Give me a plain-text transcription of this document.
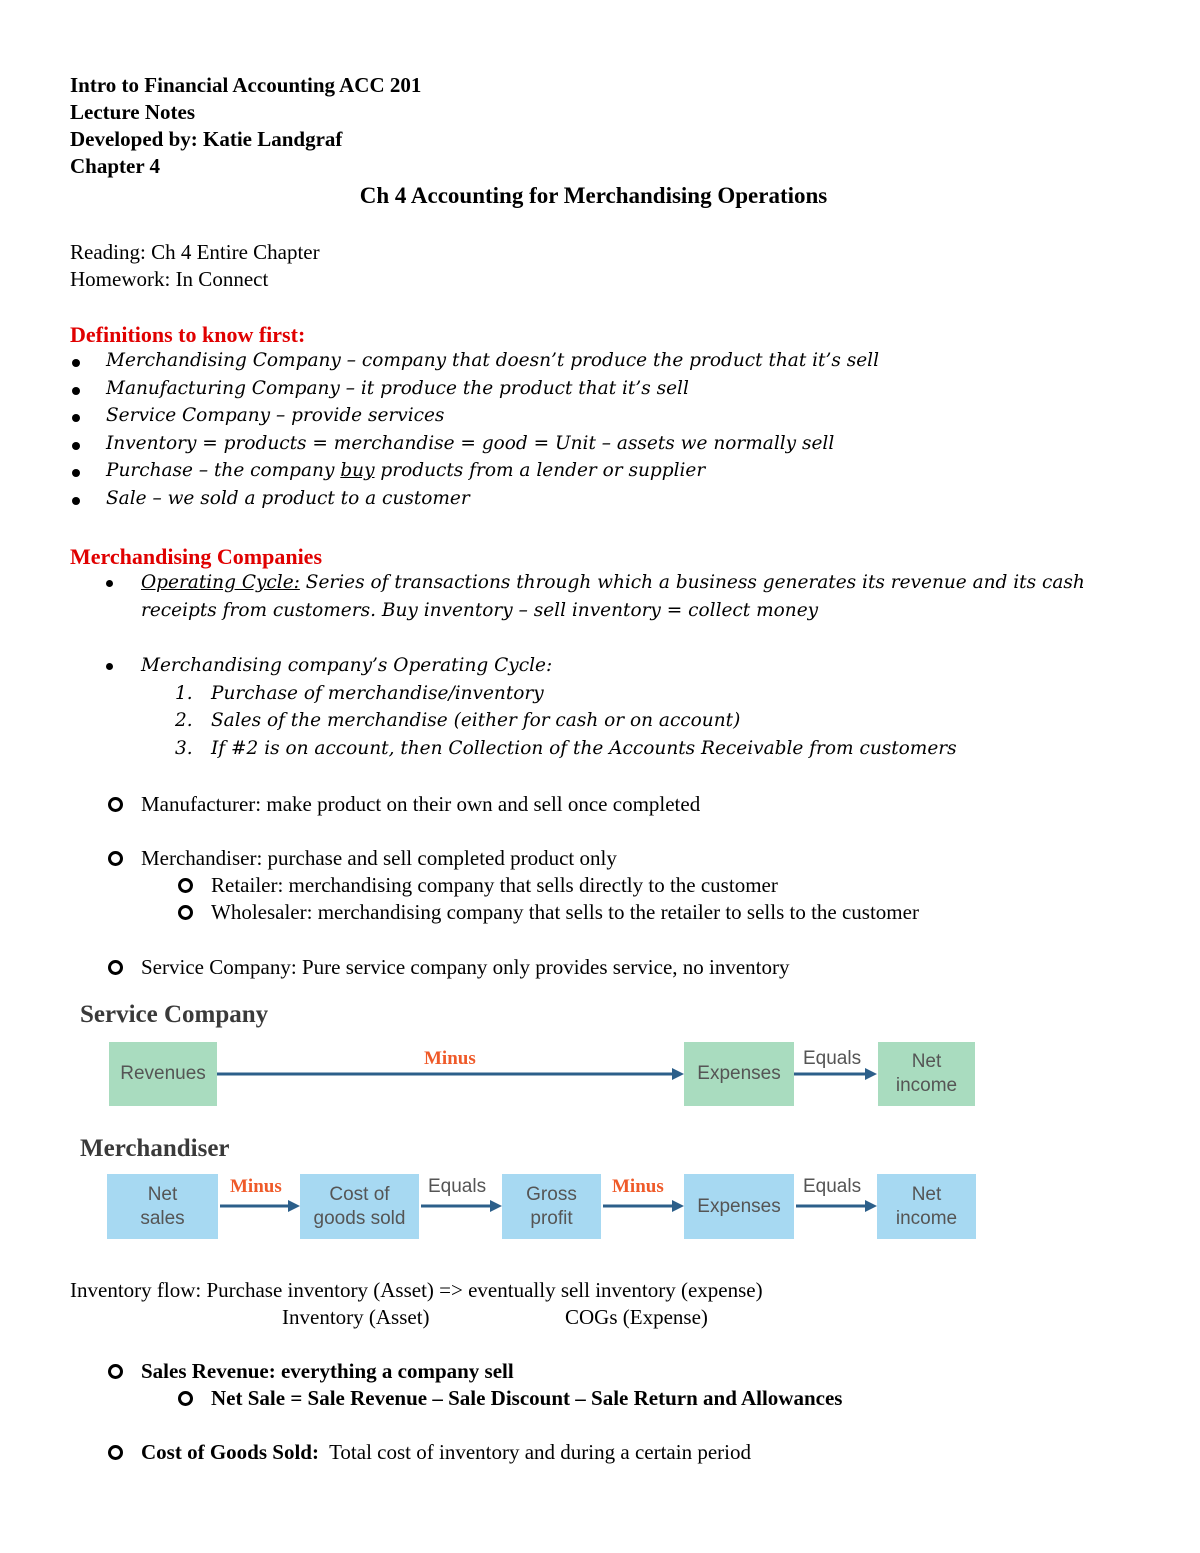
Intro to Financial Accounting ACC 201
Lecture Notes
Developed by: Katie Landgraf
Chapter 4
Ch 4 Accounting for Merchandising Operations
Reading: Ch 4 Entire Chapter
Homework: In Connect
Definitions to know first:
Merchandising Company – company that doesn’t produce the product that it’s sell
Manufacturing Company – it produce the product that it’s sell
Service Company – provide services
Inventory = products = merchandise = good = Unit – assets we normally sell
Purchase – the company buy products from a lender or supplier
Sale – we sold a product to a customer
Merchandising Companies
Operating Cycle: Series of transactions through which a business generates its revenue and its cash
receipts from customers. Buy inventory – sell inventory = collect money
Merchandising company’s Operating Cycle:
1. Purchase of merchandise/inventory
2. Sales of the merchandise (either for cash or on account)
3. If #2 is on account, then Collection of the Accounts Receivable from customers
Manufacturer: make product on their own and sell once completed
Merchandiser: purchase and sell completed product only
Retailer: merchandising company that sells directly to the customer
Wholesaler: merchandising company that sells to the retailer to sells to the customer
Service Company: Pure service company only provides service, no inventory
Service Company
Revenues	Expenses
Net
income
Minus	Equals
Merchandiser
Net
sales
Cost of
goods sold
Gross
profit
Expenses
Net
income
Minus	Equals	Minus	Equals
Inventory flow: Purchase inventory (Asset) => eventually sell inventory (expense)
Inventory (Asset)	COGs (Expense)
Sales Revenue: everything a company sell
Net Sale = Sale Revenue – Sale Discount – Sale Return and Allowances
Cost of Goods Sold:  Total cost of inventory and during a certain period
